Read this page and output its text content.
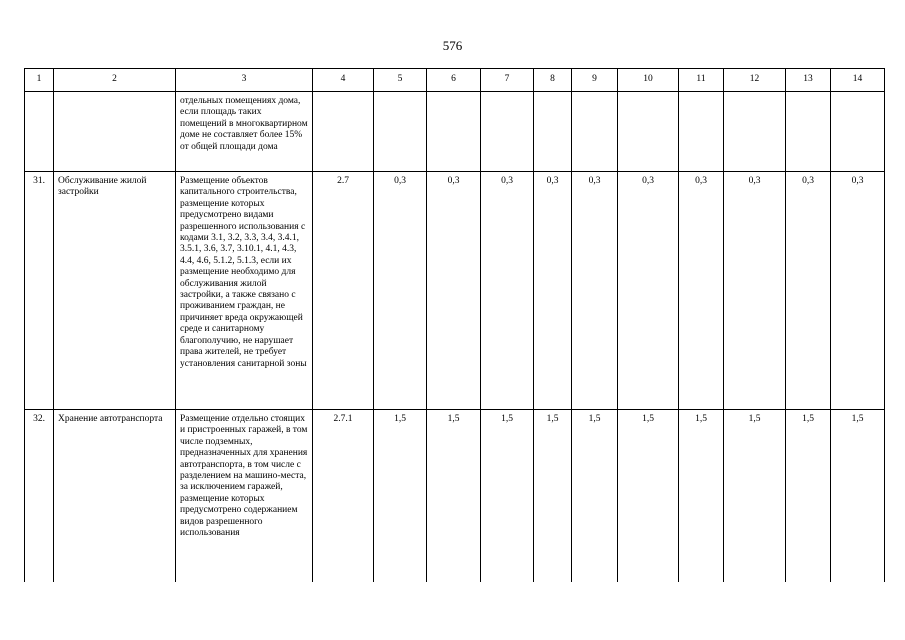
576
1	2	3	4	5	6	7	8	9	10	11	12	13	14
		отдельных помещениях дома, если площадь таких помещений в многоквартирном доме не составляет более 15% от общей площади дома											
31.	Обслуживание жилой застройки	Размещение объектов капитального строительства, размещение которых предусмотрено видами разрешенного использования с кодами 3.1, 3.2, 3.3, 3.4, 3.4.1, 3.5.1, 3.6, 3.7, 3.10.1, 4.1, 4.3, 4.4, 4.6, 5.1.2, 5.1.3, если их размещение необходимо для обслуживания жилой застройки, а также связано с проживанием граждан, не причиняет вреда окружающей среде и санитарному благополучию, не нарушает права жителей, не требует установления санитарной зоны	2.7	0,3	0,3	0,3	0,3	0,3	0,3	0,3	0,3	0,3	0,3
32.	Хранение автотранспорта	Размещение отдельно стоящих и пристроенных гаражей, в том числе подземных, предназначенных для хранения автотранспорта, в том числе с разделением на машино-места, за исключением гаражей, размещение которых предусмотрено содержанием видов разрешенного использования	2.7.1	1,5	1,5	1,5	1,5	1,5	1,5	1,5	1,5	1,5	1,5
